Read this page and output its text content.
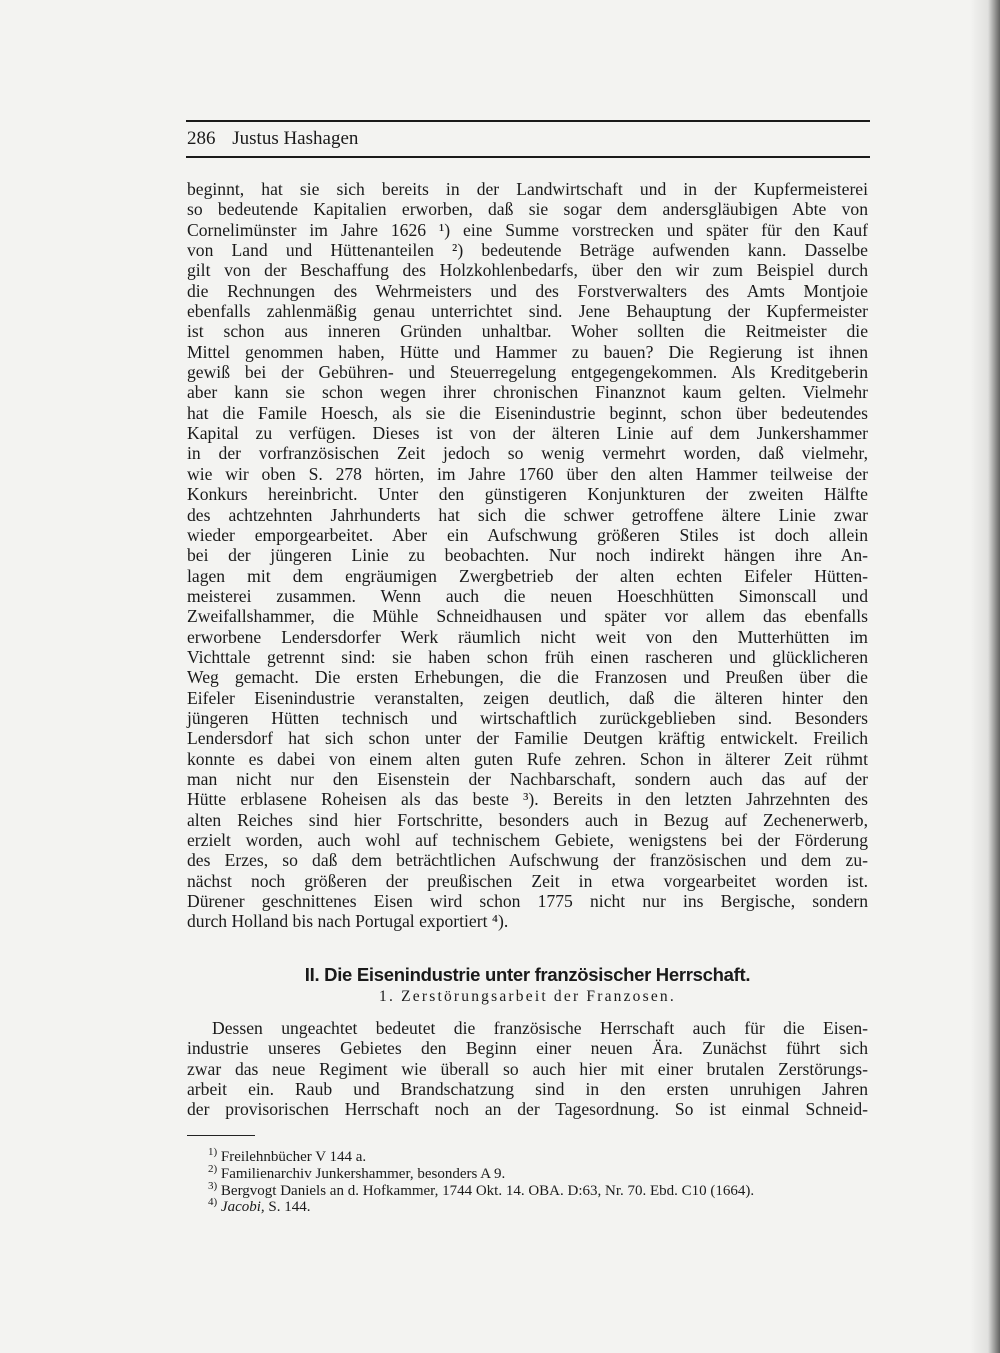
286 Justus Hashagen
beginnt, hat sie sich bereits in der Landwirtschaft und in der Kupfermeisterei
so bedeutende Kapitalien erworben, daß sie sogar dem andersgläubigen Abte von
Cornelimünster im Jahre 1626 ¹) eine Summe vorstrecken und später für den Kauf
von Land und Hüttenanteilen ²) bedeutende Beträge aufwenden kann. Dasselbe
gilt von der Beschaffung des Holzkohlenbedarfs, über den wir zum Beispiel durch
die Rechnungen des Wehrmeisters und des Forstverwalters des Amts Montjoie
ebenfalls zahlenmäßig genau unterrichtet sind. Jene Behauptung der Kupfermeister
ist schon aus inneren Gründen unhaltbar. Woher sollten die Reitmeister die
Mittel genommen haben, Hütte und Hammer zu bauen? Die Regierung ist ihnen
gewiß bei der Gebühren- und Steuerregelung entgegengekommen. Als Kreditgeberin
aber kann sie schon wegen ihrer chronischen Finanznot kaum gelten. Vielmehr
hat die Famile Hoesch, als sie die Eisenindustrie beginnt, schon über bedeutendes
Kapital zu verfügen. Dieses ist von der älteren Linie auf dem Junkershammer
in der vorfranzösischen Zeit jedoch so wenig vermehrt worden, daß vielmehr,
wie wir oben S. 278 hörten, im Jahre 1760 über den alten Hammer teilweise der
Konkurs hereinbricht. Unter den günstigeren Konjunkturen der zweiten Hälfte
des achtzehnten Jahrhunderts hat sich die schwer getroffene ältere Linie zwar
wieder emporgearbeitet. Aber ein Aufschwung größeren Stiles ist doch allein
bei der jüngeren Linie zu beobachten. Nur noch indirekt hängen ihre An-
lagen mit dem engräumigen Zwergbetrieb der alten echten Eifeler Hütten-
meisterei zusammen. Wenn auch die neuen Hoeschhütten Simonscall und
Zweifallshammer, die Mühle Schneidhausen und später vor allem das ebenfalls
erworbene Lendersdorfer Werk räumlich nicht weit von den Mutterhütten im
Vichttale getrennt sind: sie haben schon früh einen rascheren und glücklicheren
Weg gemacht. Die ersten Erhebungen, die die Franzosen und Preußen über die
Eifeler Eisenindustrie veranstalten, zeigen deutlich, daß die älteren hinter den
jüngeren Hütten technisch und wirtschaftlich zurückgeblieben sind. Besonders
Lendersdorf hat sich schon unter der Familie Deutgen kräftig entwickelt. Freilich
konnte es dabei von einem alten guten Rufe zehren. Schon in älterer Zeit rühmt
man nicht nur den Eisenstein der Nachbarschaft, sondern auch das auf der
Hütte erblasene Roheisen als das beste ³). Bereits in den letzten Jahrzehnten des
alten Reiches sind hier Fortschritte, besonders auch in Bezug auf Zechenerwerb,
erzielt worden, auch wohl auf technischem Gebiete, wenigstens bei der Förderung
des Erzes, so daß dem beträchtlichen Aufschwung der französischen und dem zu-
nächst noch größeren der preußischen Zeit in etwa vorgearbeitet worden ist.
Dürener geschnittenes Eisen wird schon 1775 nicht nur ins Bergische, sondern
durch Holland bis nach Portugal exportiert ⁴).
II. Die Eisenindustrie unter französischer Herrschaft.
1. Zerstörungsarbeit der Franzosen.
Dessen ungeachtet bedeutet die französische Herrschaft auch für die Eisen-
industrie unseres Gebietes den Beginn einer neuen Ära. Zunächst führt sich
zwar das neue Regiment wie überall so auch hier mit einer brutalen Zerstörungs-
arbeit ein. Raub und Brandschatzung sind in den ersten unruhigen Jahren
der provisorischen Herrschaft noch an der Tagesordnung. So ist einmal Schneid-
$^{1)}$ Freilehnbücher V 144 a.
$^{2)}$ Familienarchiv Junkershammer, besonders A 9.
$^{3)}$ Bergvogt Daniels an d. Hofkammer, 1744 Okt. 14. OBA. D:63, Nr. 70. Ebd. C10 (1664).
$^{4)}$ Jacobi, S. 144.
